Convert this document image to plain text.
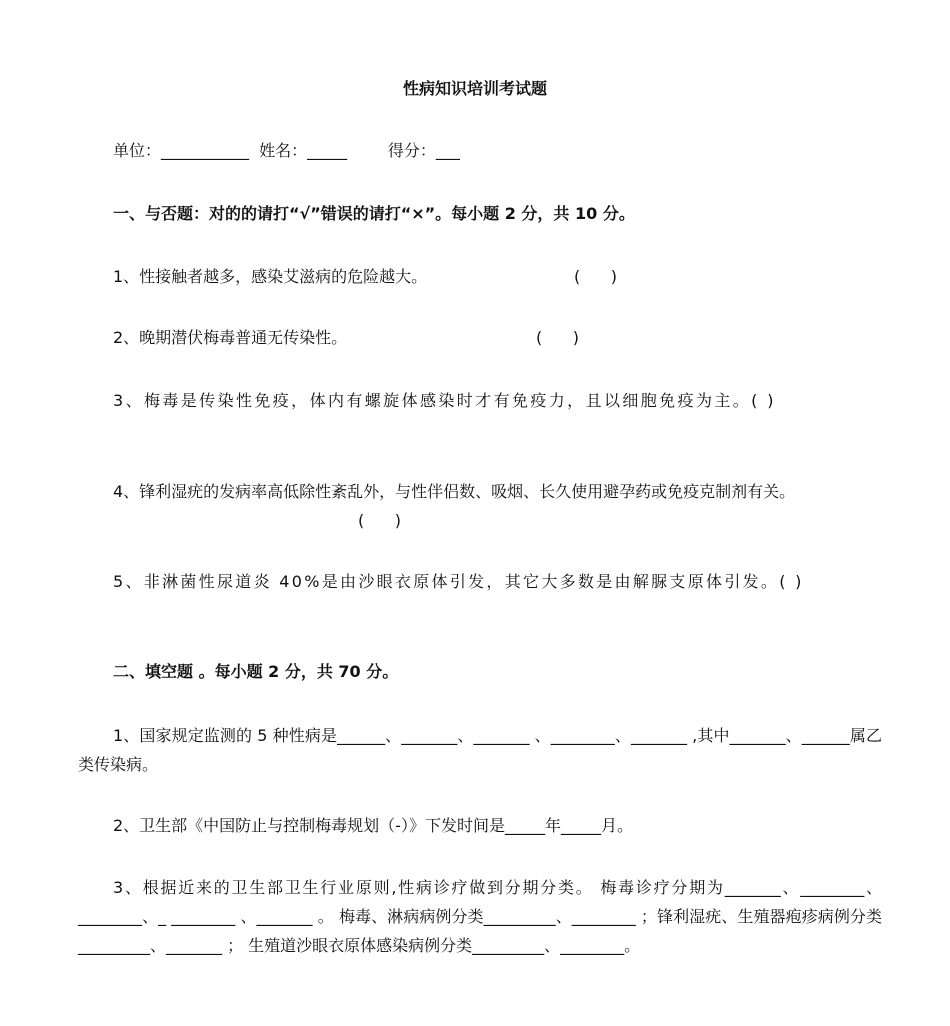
性病知识培训考试题
单位：___________  姓名：_____        得分：___
一、与否题：对的的请打“√”错误的请打“×”。每小题 2 分，共 10 分。
1、性接触者越多，感染艾滋病的危险越大。	(      )
2、晚期潜伏梅毒普通无传染性。	(      )
3、梅毒是传染性免疫，体内有螺旋体感染时才有免疫力，且以细胞免疫为主。( )
4、锋利湿疣的发病率高低除性紊乱外，与性伴侣数、吸烟、长久使用避孕药或免疫克制剂有关。
(      )
5、非淋菌性尿道炎 40%是由沙眼衣原体引发，其它大多数是由解脲支原体引发。( )
二、填空题 。每小题 2 分，共 70 分。
1、国家规定监测的 5 种性病是______、_______、_______ 、________、_______ ,其中_______、______属乙类传染病。
2、卫生部《中国防止与控制梅毒规划（-）》下发时间是_____年_____月。
3、根据近来的卫生部卫生行业原则,性病诊疗做到分期分类。 梅毒诊疗分期为_______、________、________、_ ________ 、_______ 。 梅毒、淋病病例分类_________、________ ；锋利湿疣、生殖器疱疹病例分类_________、_______ ； 生殖道沙眼衣原体感染病例分类_________、________。
